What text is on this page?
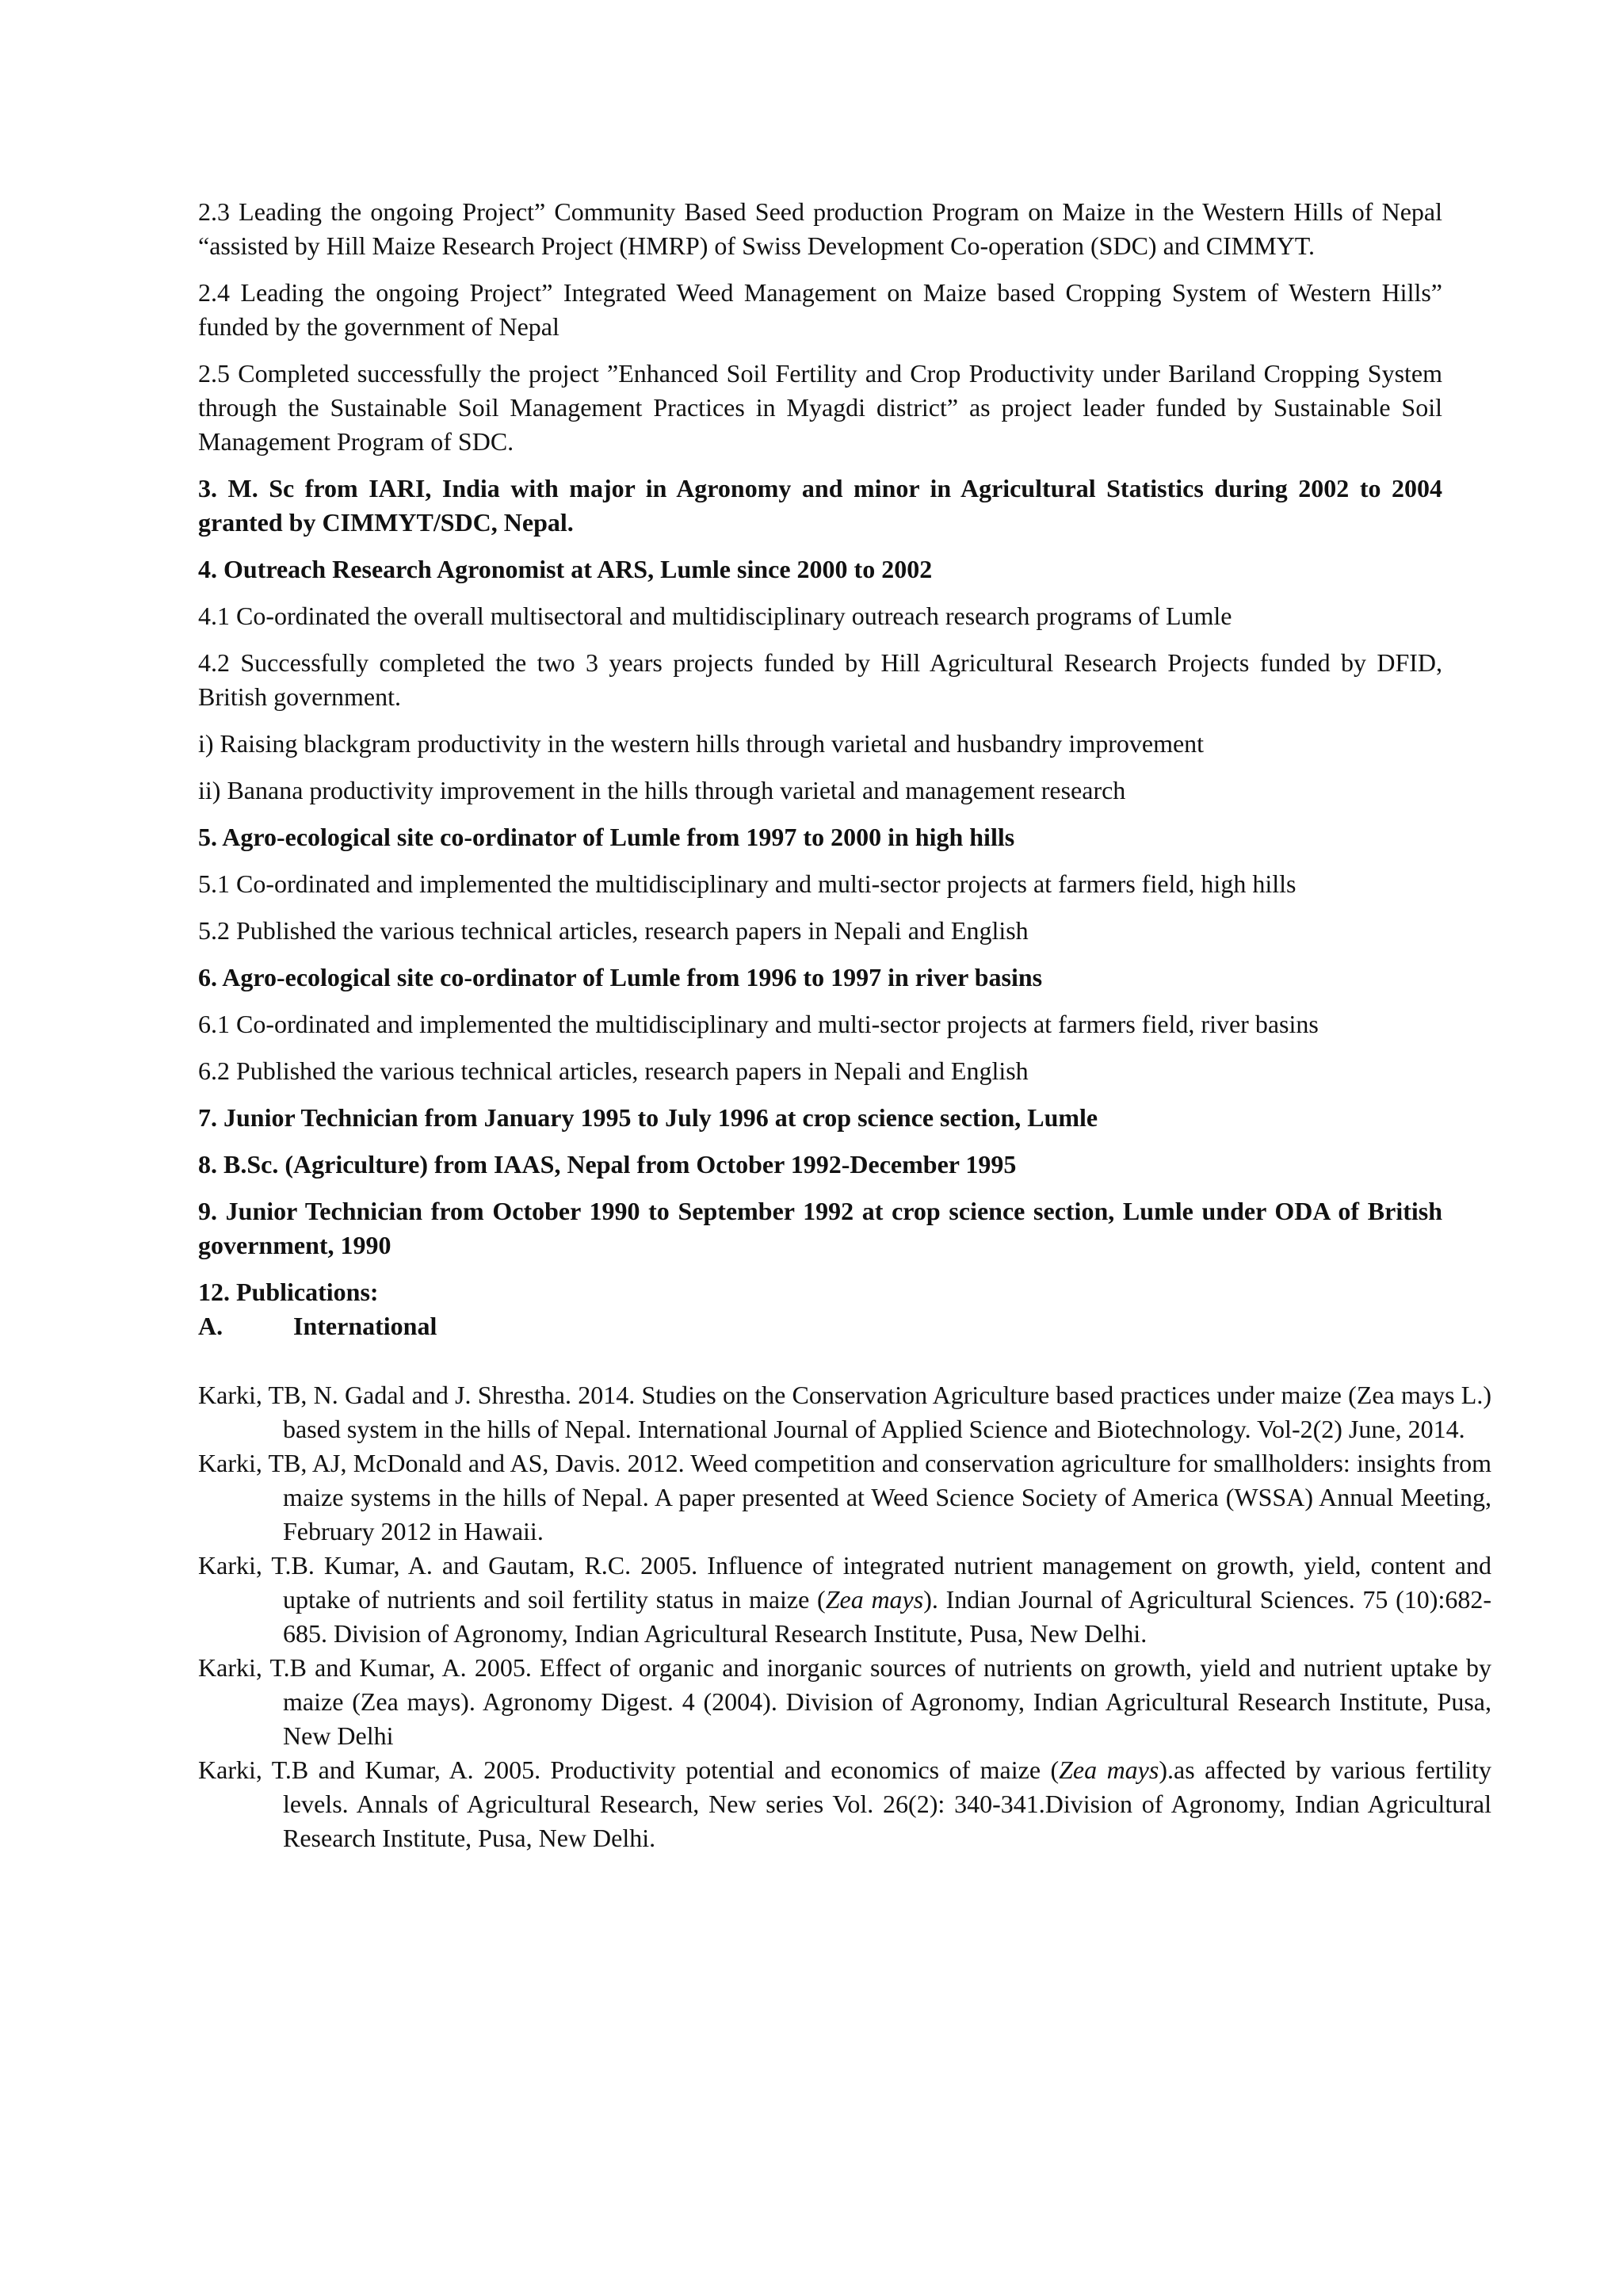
2.3 Leading the ongoing Project” Community Based Seed production Program on Maize in the Western Hills of Nepal “assisted by Hill Maize Research Project (HMRP) of Swiss Development Co-operation (SDC) and CIMMYT.

2.4 Leading the ongoing Project” Integrated Weed Management on Maize based Cropping System of Western Hills” funded by the government of Nepal

2.5 Completed successfully the project ”Enhanced Soil Fertility and Crop Productivity under Bariland Cropping System through the Sustainable Soil Management Practices in Myagdi district” as project leader funded by Sustainable Soil Management Program of SDC.

3. M. Sc from IARI, India with major in Agronomy and minor in Agricultural Statistics during 2002 to 2004 granted by CIMMYT/SDC, Nepal.

4. Outreach Research Agronomist at ARS, Lumle since 2000 to 2002

4.1 Co-ordinated the overall multisectoral and multidisciplinary outreach research programs of Lumle

4.2 Successfully completed the two 3 years projects funded by Hill Agricultural Research Projects funded by DFID, British government.

i) Raising blackgram productivity in the western hills through varietal and husbandry improvement

ii) Banana productivity improvement in the hills through varietal and management research

5. Agro-ecological site co-ordinator of Lumle from 1997 to 2000 in high hills

5.1 Co-ordinated and implemented the multidisciplinary and multi-sector projects at farmers field, high hills

5.2 Published the various technical articles, research papers in Nepali and English

6. Agro-ecological site co-ordinator of Lumle from 1996 to 1997 in river basins

6.1 Co-ordinated and implemented the multidisciplinary and multi-sector projects at farmers field, river basins

6.2 Published the various technical articles, research papers in Nepali and English

7. Junior Technician from January 1995 to July 1996 at crop science section, Lumle

8. B.Sc. (Agriculture) from IAAS, Nepal from October 1992-December 1995

9. Junior Technician from October 1990 to September 1992 at crop science section, Lumle under ODA of British government, 1990

12. Publications:

A.	International

Karki, TB, N. Gadal and J. Shrestha. 2014. Studies on the Conservation Agriculture based practices under maize (Zea mays L.) based system in the hills of Nepal. International Journal of Applied Science and Biotechnology. Vol-2(2) June, 2014.

Karki, TB, AJ, McDonald and AS, Davis. 2012. Weed competition and conservation agriculture for smallholders: insights from maize systems in the hills of Nepal. A paper presented at Weed Science Society of America (WSSA) Annual Meeting, February 2012 in Hawaii.

Karki, T.B. Kumar, A. and Gautam, R.C. 2005. Influence of integrated nutrient management on growth, yield, content and uptake of nutrients and soil fertility status in maize (Zea mays). Indian Journal of Agricultural Sciences. 75 (10):682-685. Division of Agronomy, Indian Agricultural Research Institute, Pusa, New Delhi.

Karki, T.B and Kumar, A. 2005. Effect of organic and inorganic sources of nutrients on growth, yield and nutrient uptake by maize (Zea mays). Agronomy Digest. 4 (2004). Division of Agronomy, Indian Agricultural Research Institute, Pusa, New Delhi

Karki, T.B and Kumar, A. 2005. Productivity potential and economics of maize (Zea mays).as affected by various fertility levels. Annals of Agricultural Research, New series Vol. 26(2): 340-341.Division of Agronomy, Indian Agricultural Research Institute, Pusa, New Delhi.
